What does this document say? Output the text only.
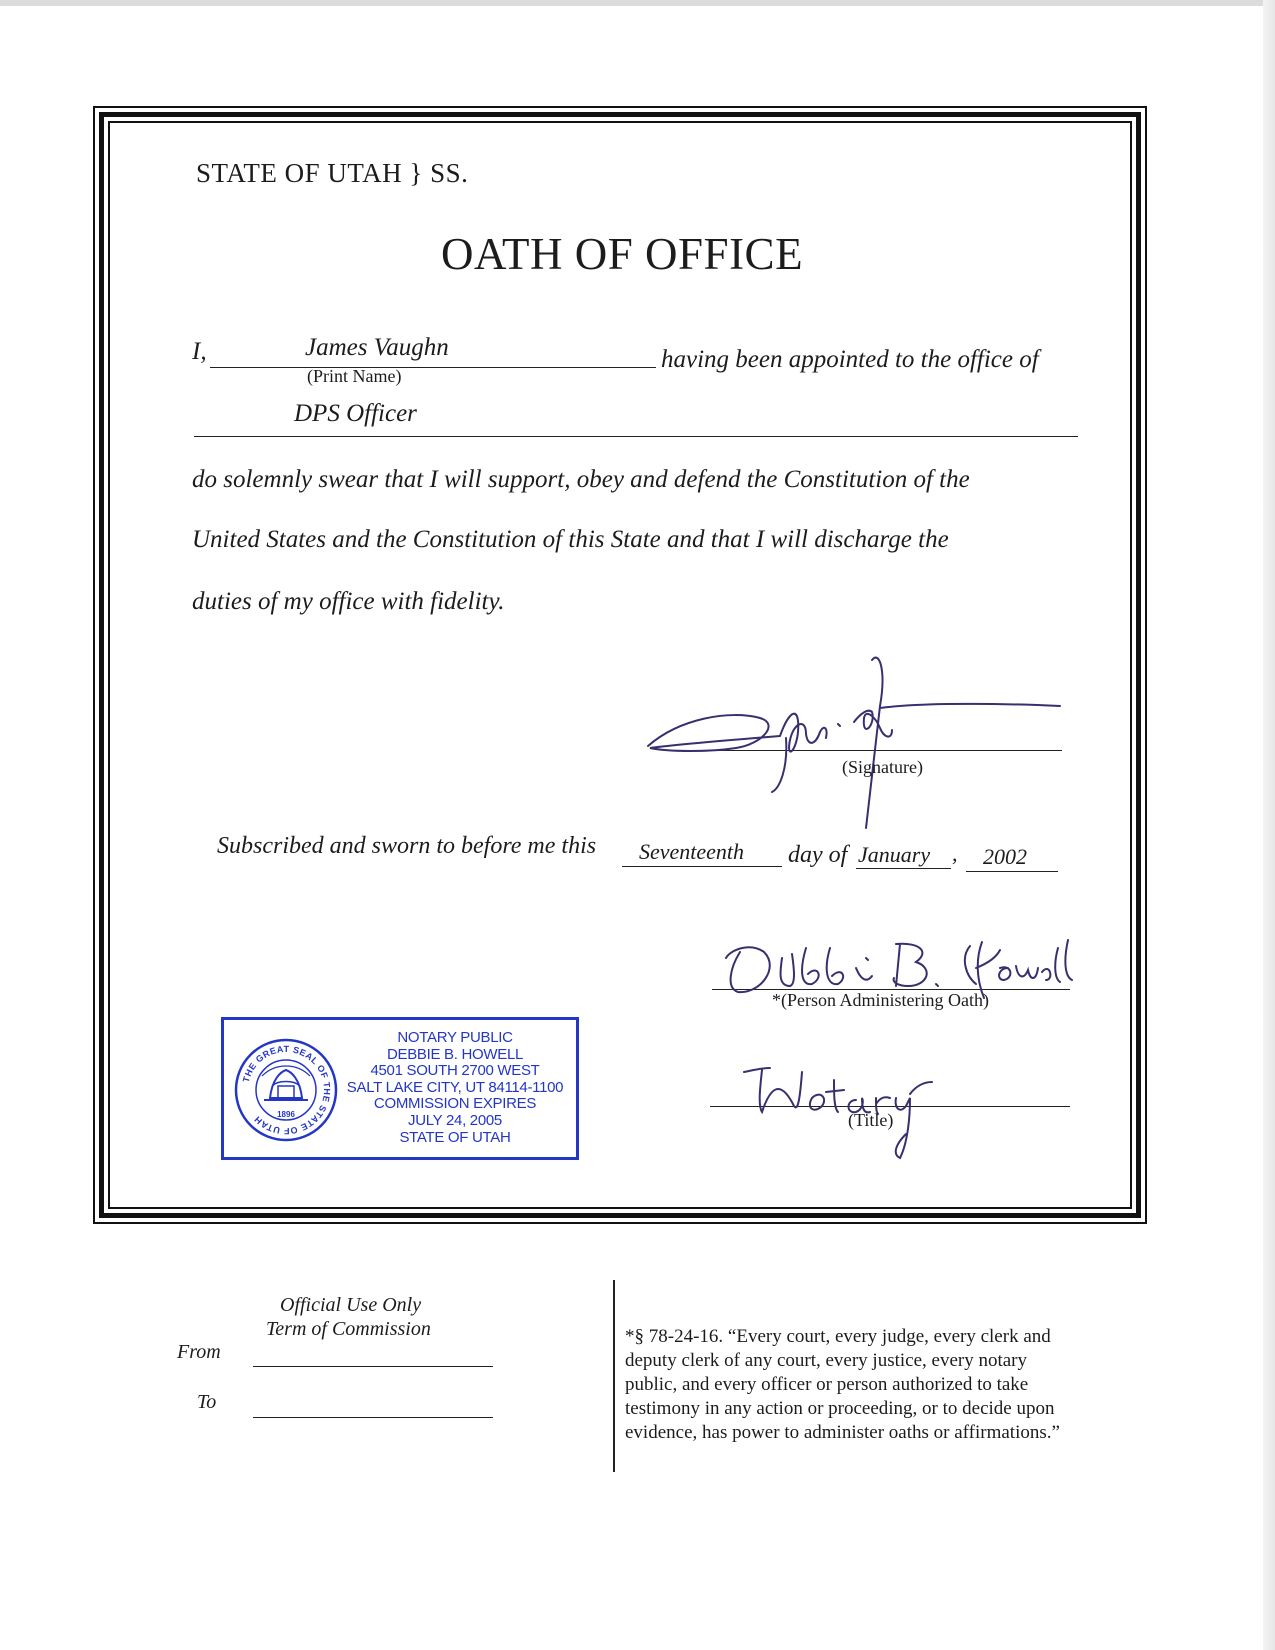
STATE OF UTAH } SS.
OATH OF OFFICE
I,	James Vaughn
(Print Name)
having been appointed to the office of
DPS Officer
do solemnly swear that I will support, obey and defend the Constitution of the
United States and the Constitution of this State and that I will discharge the
duties of my office with fidelity.
(Signature)
Subscribed and sworn to before me this Seventeenth day of January , 2002
*(Person Administering Oath)
(Title)
THE GREAT SEAL OF THE STATE OF UTAH	1896
NOTARY PUBLIC
DEBBIE B. HOWELL
4501 SOUTH 2700 WEST
SALT LAKE CITY, UT 84114-1100
COMMISSION EXPIRES
JULY 24, 2005
STATE OF UTAH
Official Use Only
Term of Commission
From
To
*§ 78-24-16. “Every court, every judge, every clerk and
deputy clerk of any court, every justice, every notary
public, and every officer or person authorized to take
testimony in any action or proceeding, or to decide upon
evidence, has power to administer oaths or affirmations.”
